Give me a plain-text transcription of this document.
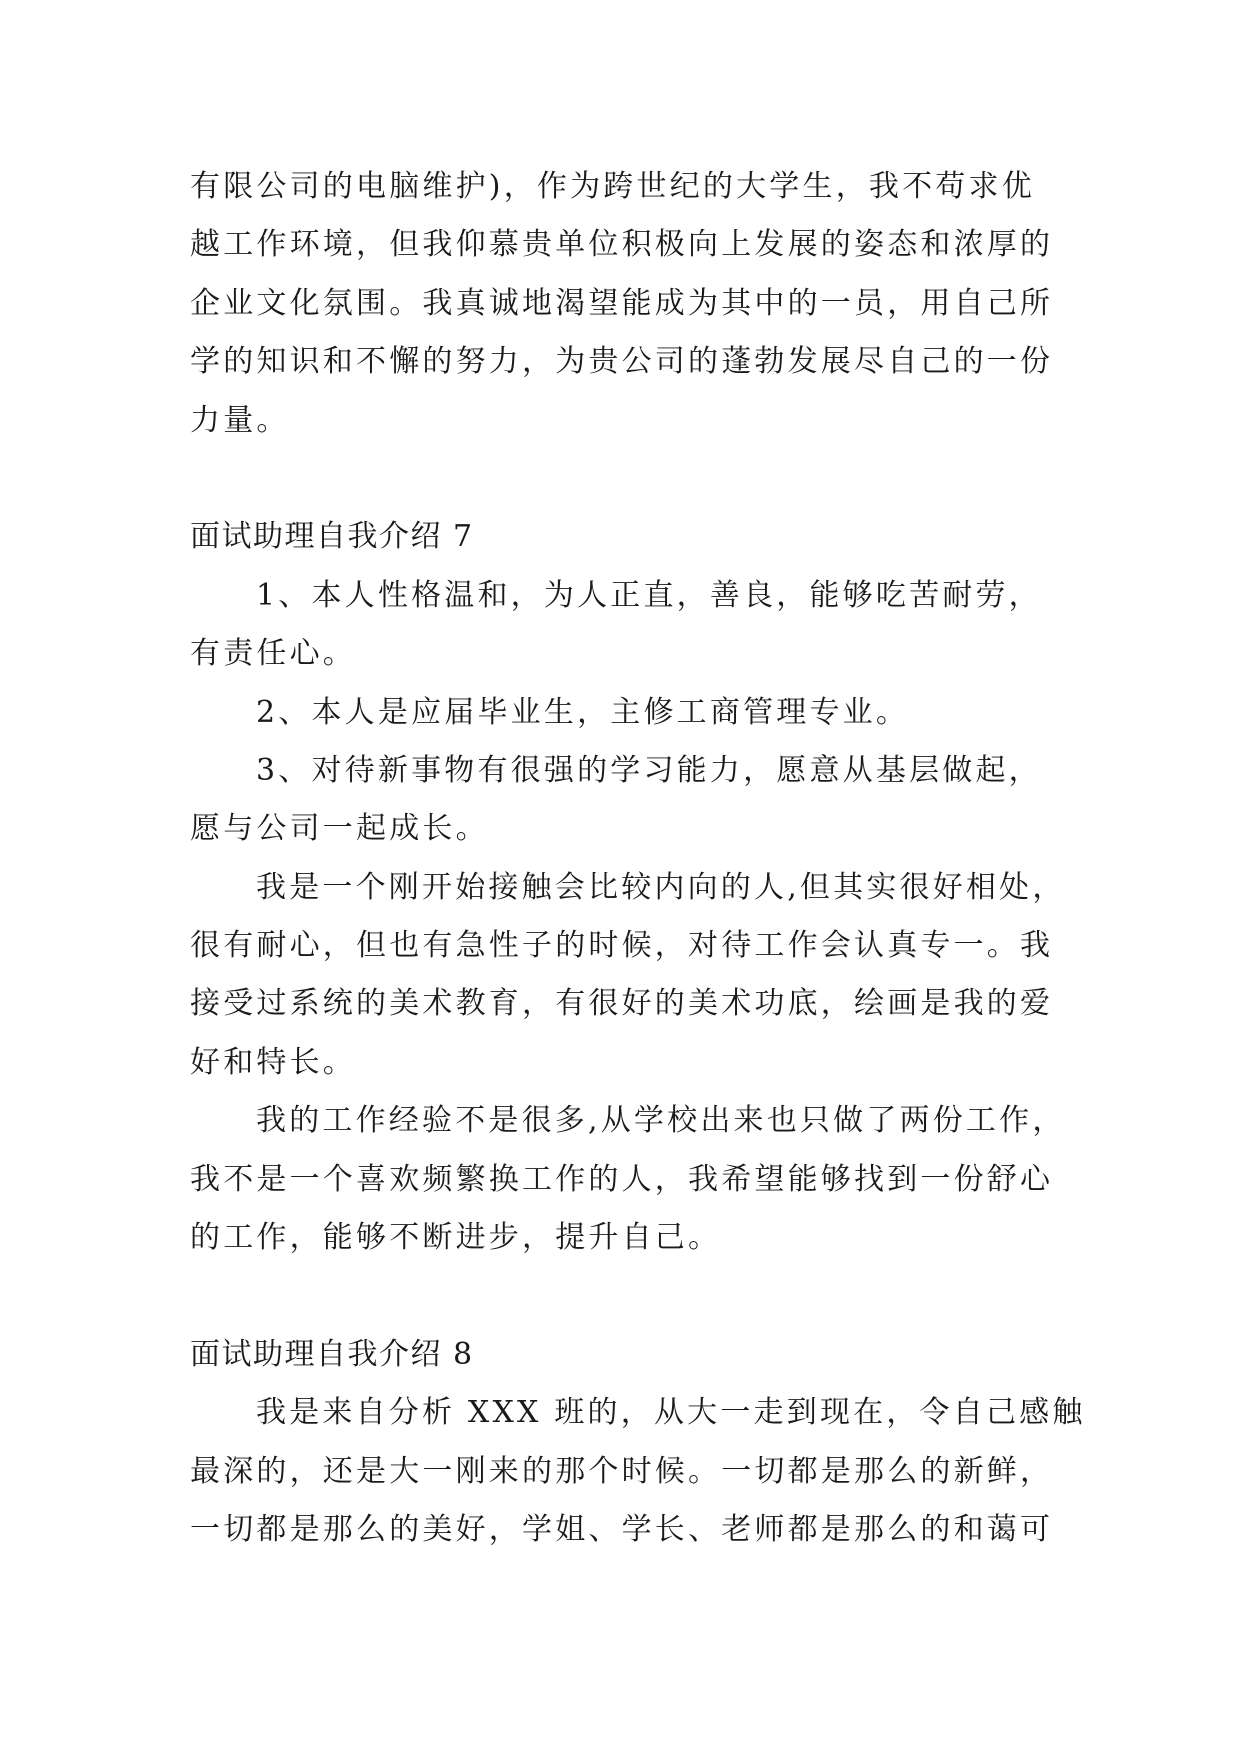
有限公司的电脑维护)，作为跨世纪的大学生，我不苟求优
越工作环境，但我仰慕贵单位积极向上发展的姿态和浓厚的
企业文化氛围。我真诚地渴望能成为其中的一员，用自己所
学的知识和不懈的努力，为贵公司的蓬勃发展尽自己的一份
力量。
面试助理自我介绍 7
1、本人性格温和，为人正直，善良，能够吃苦耐劳，
有责任心。
2、本人是应届毕业生，主修工商管理专业。
3、对待新事物有很强的学习能力，愿意从基层做起，
愿与公司一起成长。
我是一个刚开始接触会比较内向的人,但其实很好相处，
很有耐心，但也有急性子的时候，对待工作会认真专一。我
接受过系统的美术教育，有很好的美术功底，绘画是我的爱
好和特长。
我的工作经验不是很多,从学校出来也只做了两份工作，
我不是一个喜欢频繁换工作的人，我希望能够找到一份舒心
的工作，能够不断进步，提升自己。
面试助理自我介绍 8
我是来自分析 XXX 班的，从大一走到现在，令自己感触
最深的，还是大一刚来的那个时候。一切都是那么的新鲜，
一切都是那么的美好，学姐、学长、老师都是那么的和蔼可
